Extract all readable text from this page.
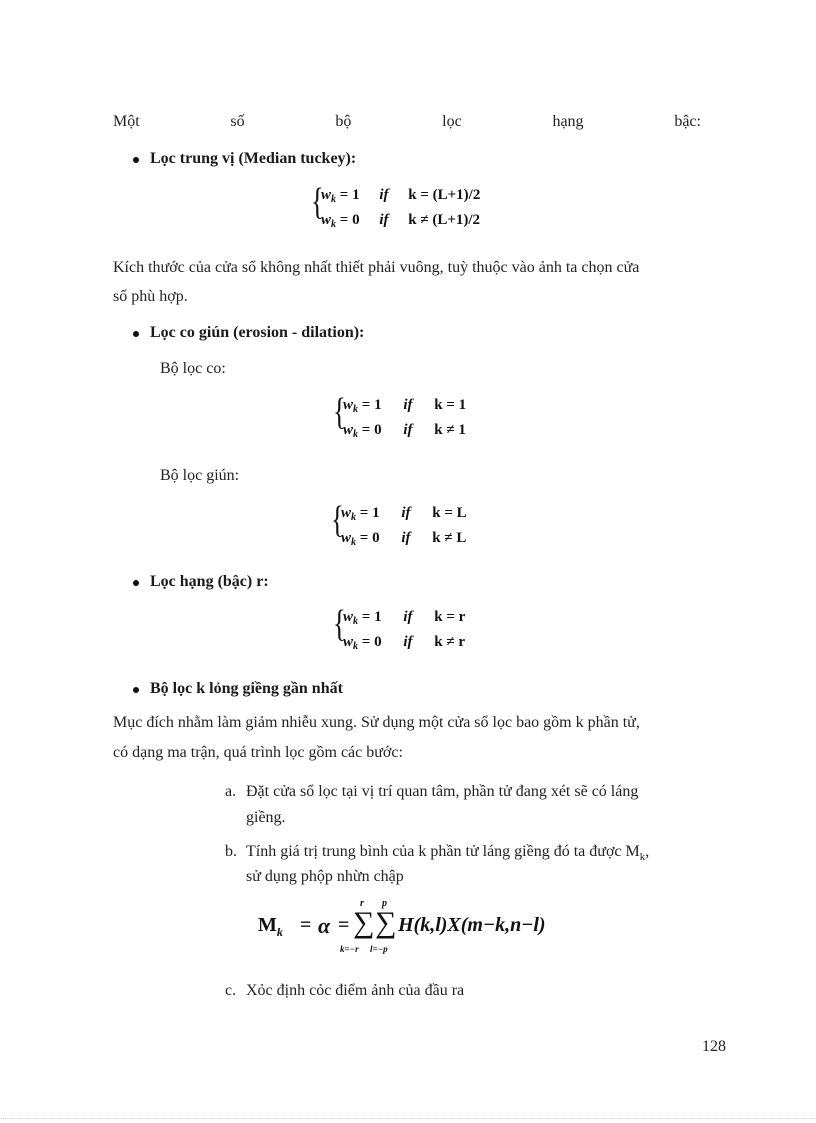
Một	số	bộ	lọc	hạng	bậc:
Lọc trung vị (Median tuckey):
{
$w_k = 1$ if k = (L+1)/2
$w_k = 0$ if k ≠ (L+1)/2
Kích thước của cửa sổ không nhất thiết phải vuông, tuỳ thuộc vào ảnh ta chọn cửa
sổ phù hợp.
Lọc co giún (erosion - dilation):
Bộ lọc co:
{
$w_k = 1$ if k = 1
$w_k = 0$ if k ≠ 1
Bộ lọc giún:
{
$w_k = 1$ if k = L
$w_k = 0$ if k ≠ L
Lọc hạng (bậc) r:
{
$w_k = 1$ if k = r
$w_k = 0$ if k ≠ r
Bộ lọc k lỏng giềng gần nhất
Mục đích nhằm làm giảm nhiễu xung. Sử dụng một cửa sổ lọc bao gồm k phần tử,
có dạng ma trận, quá trình lọc gồm các bước:
a. Đặt cửa sổ lọc tại vị trí quan tâm, phần tử đang xét sẽ có láng
giềng.
b. Tính giá trị trung bình của k phần tử láng giềng đó ta được $M_k$,
sử dụng phộp nhừn chập
$M_k = \alpha$ =
r
∑
k=−r
p
∑
l=−p
H(k,l)X(m−k,n−l)
c. Xỏc định cỏc điểm ảnh của đầu ra
128
